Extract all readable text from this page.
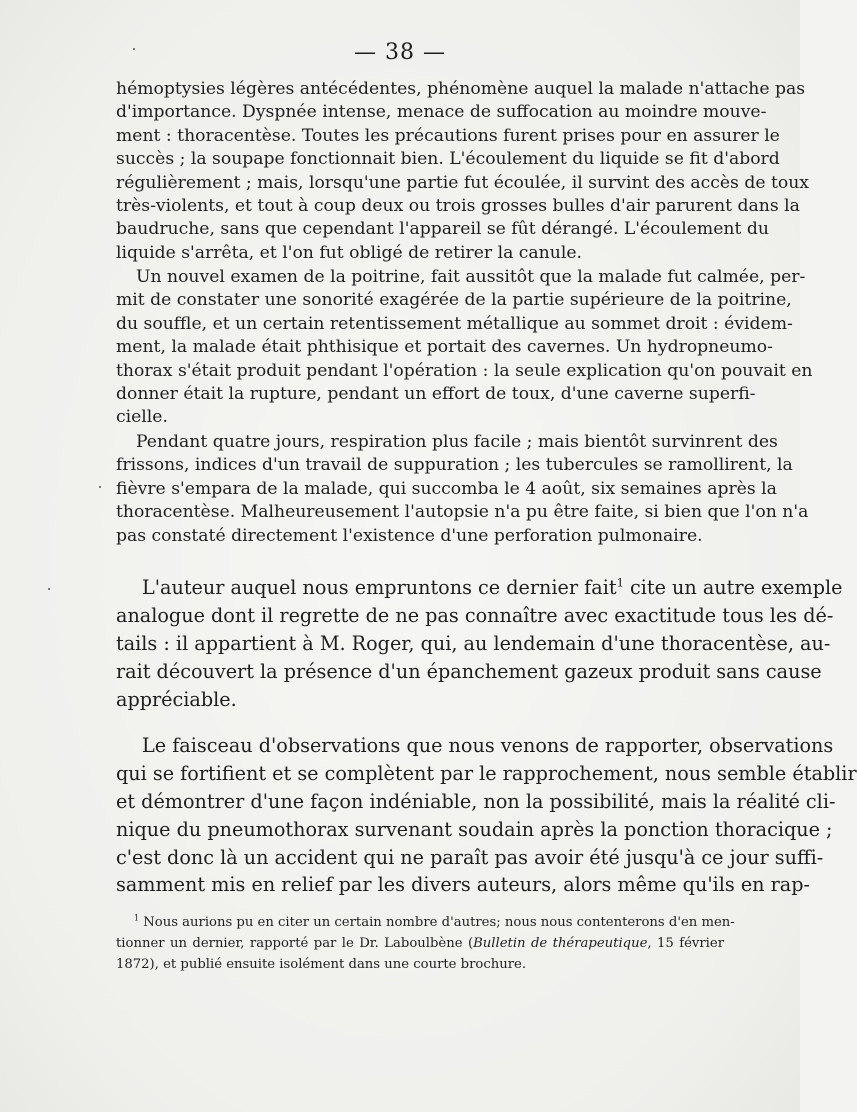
— 38 —
hémoptysies légères antécédentes, phénomène auquel la malade n'attache pas
d'importance. Dyspnée intense, menace de suffocation au moindre mouve-
ment : thoracentèse. Toutes les précautions furent prises pour en assurer le
succès ; la soupape fonctionnait bien. L'écoulement du liquide se fit d'abord
régulièrement ; mais, lorsqu'une partie fut écoulée, il survint des accès de toux
très-violents, et tout à coup deux ou trois grosses bulles d'air parurent dans la
baudruche, sans que cependant l'appareil se fût dérangé. L'écoulement du
liquide s'arrêta, et l'on fut obligé de retirer la canule.
Un nouvel examen de la poitrine, fait aussitôt que la malade fut calmée, per-
mit de constater une sonorité exagérée de la partie supérieure de la poitrine,
du souffle, et un certain retentissement métallique au sommet droit : évidem-
ment, la malade était phthisique et portait des cavernes. Un hydropneumo-
thorax s'était produit pendant l'opération : la seule explication qu'on pouvait en
donner était la rupture, pendant un effort de toux, d'une caverne superfi-
cielle.
Pendant quatre jours, respiration plus facile ; mais bientôt survinrent des
frissons, indices d'un travail de suppuration ; les tubercules se ramollirent, la
fièvre s'empara de la malade, qui succomba le 4 août, six semaines après la
thoracentèse. Malheureusement l'autopsie n'a pu être faite, si bien que l'on n'a
pas constaté directement l'existence d'une perforation pulmonaire.
L'auteur auquel nous empruntons ce dernier fait$^1$ cite un autre exemple
analogue dont il regrette de ne pas connaître avec exactitude tous les dé-
tails : il appartient à M. Roger, qui, au lendemain d'une thoracentèse, au-
rait découvert la présence d'un épanchement gazeux produit sans cause
appréciable.
Le faisceau d'observations que nous venons de rapporter, observations
qui se fortifient et se complètent par le rapprochement, nous semble établir
et démontrer d'une façon indéniable, non la possibilité, mais la réalité cli-
nique du pneumothorax survenant soudain après la ponction thoracique ;
c'est donc là un accident qui ne paraît pas avoir été jusqu'à ce jour suffi-
samment mis en relief par les divers auteurs, alors même qu'ils en rap-
$^1$ Nous aurions pu en citer un certain nombre d'autres; nous nous contenterons d'en men-
tionner un dernier, rapporté par le Dr. Laboulbène (Bulletin de thérapeutique, 15 février
1872), et publié ensuite isolément dans une courte brochure.
